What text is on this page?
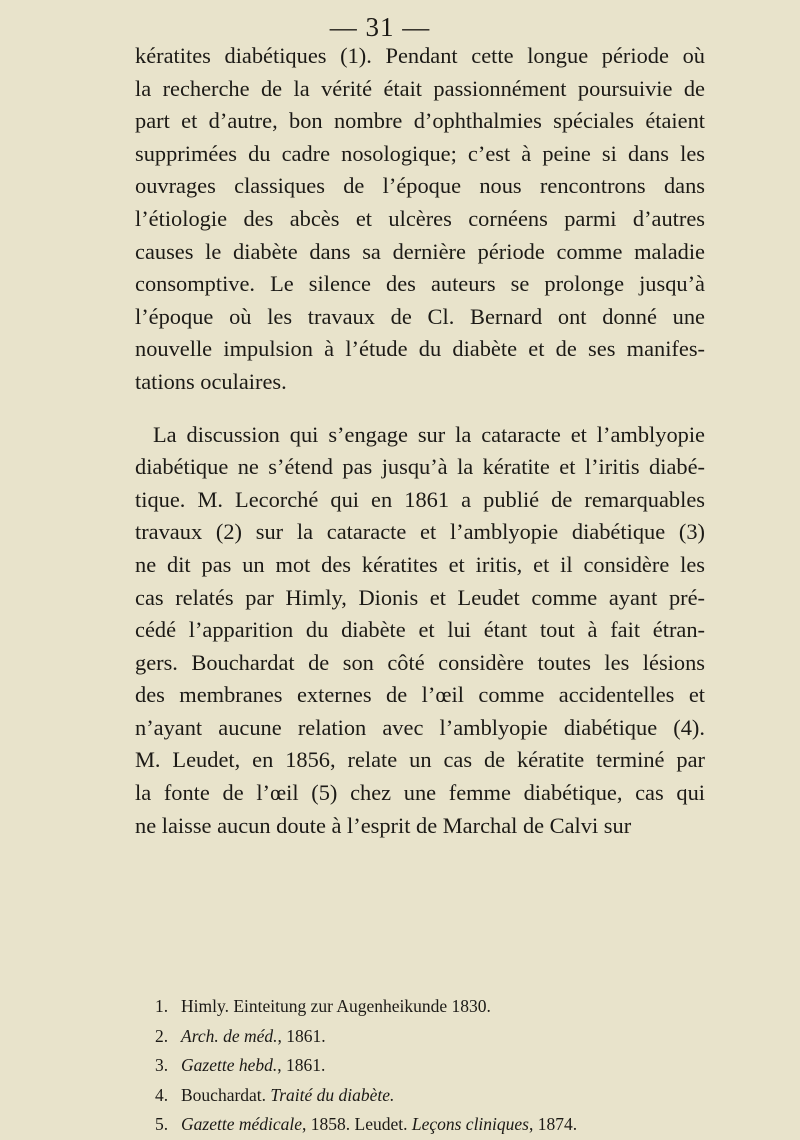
— 31 —
kératites diabétiques (1). Pendant cette longue période où
la recherche de la vérité était passionnément poursuivie de
part et d’autre, bon nombre d’ophthalmies spéciales étaient
supprimées du cadre nosologique; c’est à peine si dans les
ouvrages classiques de l’époque nous rencontrons dans
l’étiologie des abcès et ulcères cornéens parmi d’autres
causes le diabète dans sa dernière période comme maladie
consomptive. Le silence des auteurs se prolonge jusqu’à
l’époque où les travaux de Cl. Bernard ont donné une
nouvelle impulsion à l’étude du diabète et de ses manifes-
tations oculaires.
La discussion qui s’engage sur la cataracte et l’amblyopie
diabétique ne s’étend pas jusqu’à la kératite et l’iritis diabé-
tique. M. Lecorché qui en 1861 a publié de remarquables
travaux (2) sur la cataracte et l’amblyopie diabétique (3)
ne dit pas un mot des kératites et iritis, et il considère les
cas relatés par Himly, Dionis et Leudet comme ayant pré-
cédé l’apparition du diabète et lui étant tout à fait étran-
gers. Bouchardat de son côté considère toutes les lésions
des membranes externes de l’œil comme accidentelles et
n’ayant aucune relation avec l’amblyopie diabétique (4).
M. Leudet, en 1856, relate un cas de kératite terminé par
la fonte de l’œil (5) chez une femme diabétique, cas qui
ne laisse aucun doute à l’esprit de Marchal de Calvi sur
1. Himly. Einteitung zur Augenheikunde 1830.
2. Arch. de méd., 1861.
3. Gazette hebd., 1861.
4. Bouchardat. Traité du diabète.
5. Gazette médicale, 1858. Leudet. Leçons cliniques, 1874.
